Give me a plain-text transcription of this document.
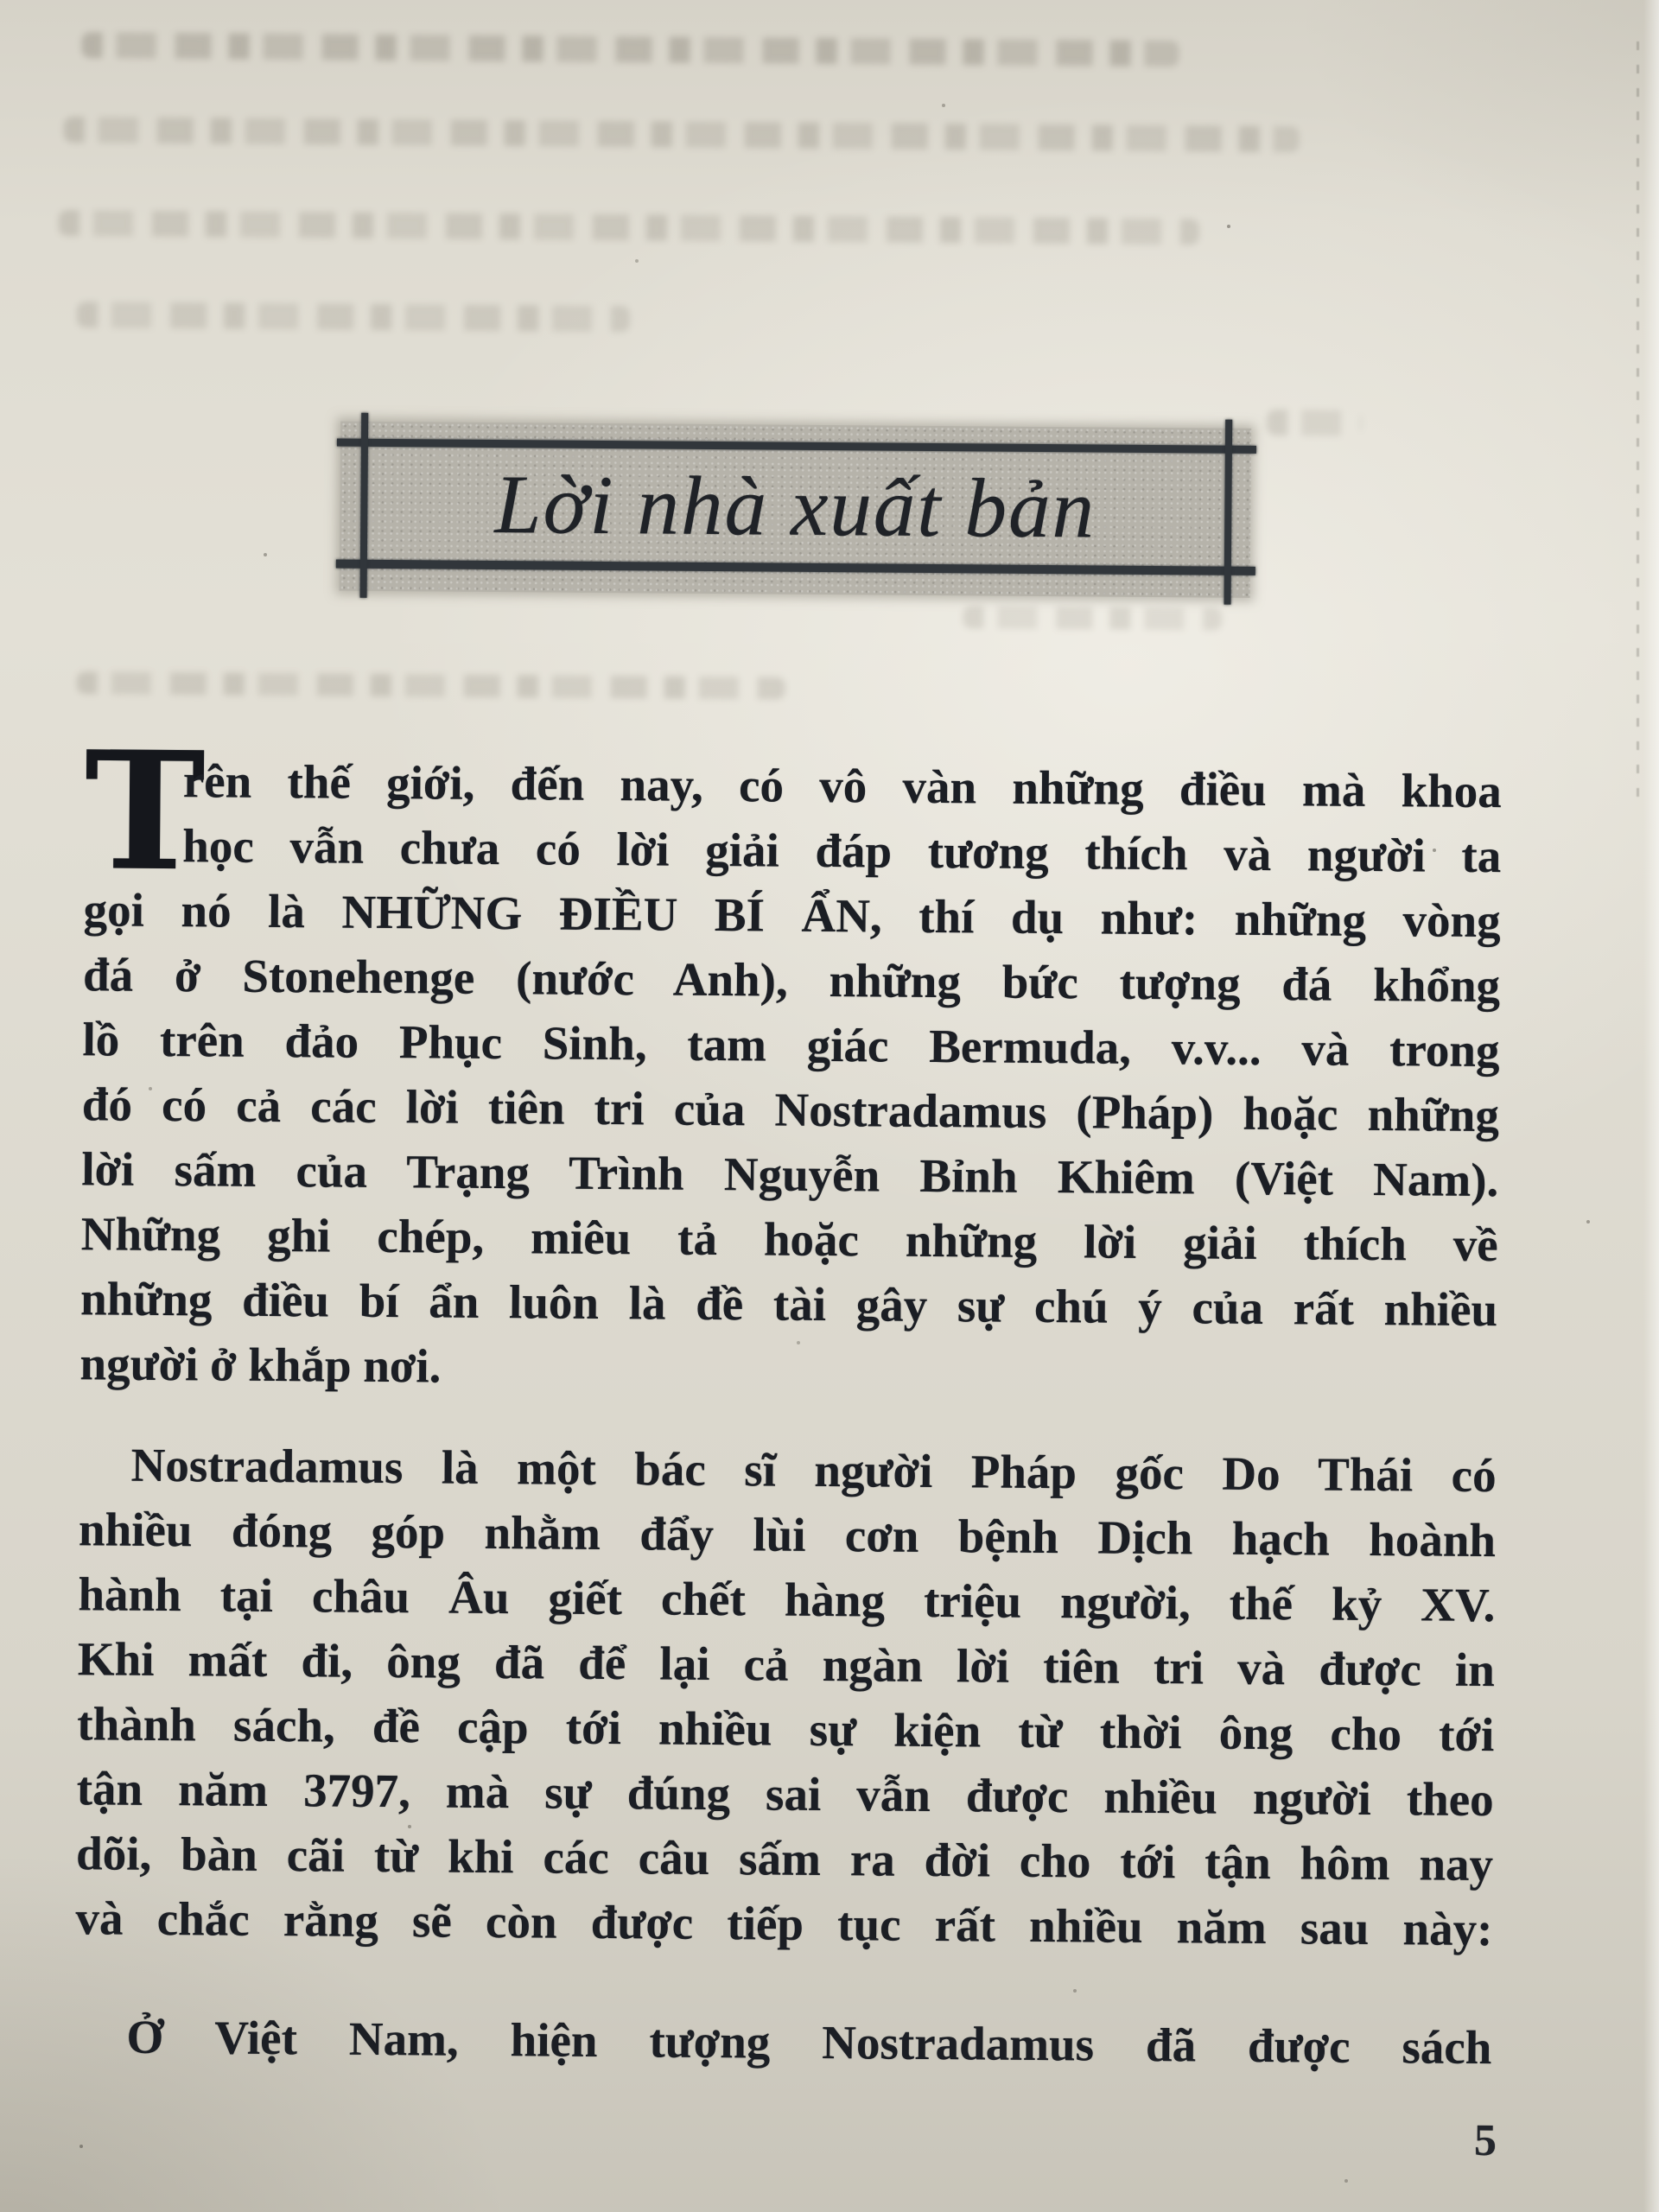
Lời nhà xuất bản
T
rên thế giới, đến nay, có vô vàn những điều mà khoa
học vẫn chưa có lời giải đáp tương thích và người ta
gọi nó là NHỮNG ĐIỀU BÍ ẨN, thí dụ như: những vòng
đá ở Stonehenge (nước Anh), những bức tượng đá khổng
lồ trên đảo Phục Sinh, tam giác Bermuda, v.v... và trong
đó có cả các lời tiên tri của Nostradamus (Pháp) hoặc những
lời sấm của Trạng Trình Nguyễn Bỉnh Khiêm (Việt Nam).
Những ghi chép, miêu tả hoặc những lời giải thích về
những điều bí ẩn luôn là đề tài gây sự chú ý của rất nhiều
người ở khắp nơi.
Nostradamus là một bác sĩ người Pháp gốc Do Thái có
nhiều đóng góp nhằm đẩy lùi cơn bệnh Dịch hạch hoành
hành tại châu Âu giết chết hàng triệu người, thế kỷ XV.
Khi mất đi, ông đã để lại cả ngàn lời tiên tri và được in
thành sách, đề cập tới nhiều sự kiện từ thời ông cho tới
tận năm 3797, mà sự đúng sai vẫn được nhiều người theo
dõi, bàn cãi từ khi các câu sấm ra đời cho tới tận hôm nay
và chắc rằng sẽ còn được tiếp tục rất nhiều năm sau này:
Ở Việt Nam, hiện tượng Nostradamus đã được sách
5
